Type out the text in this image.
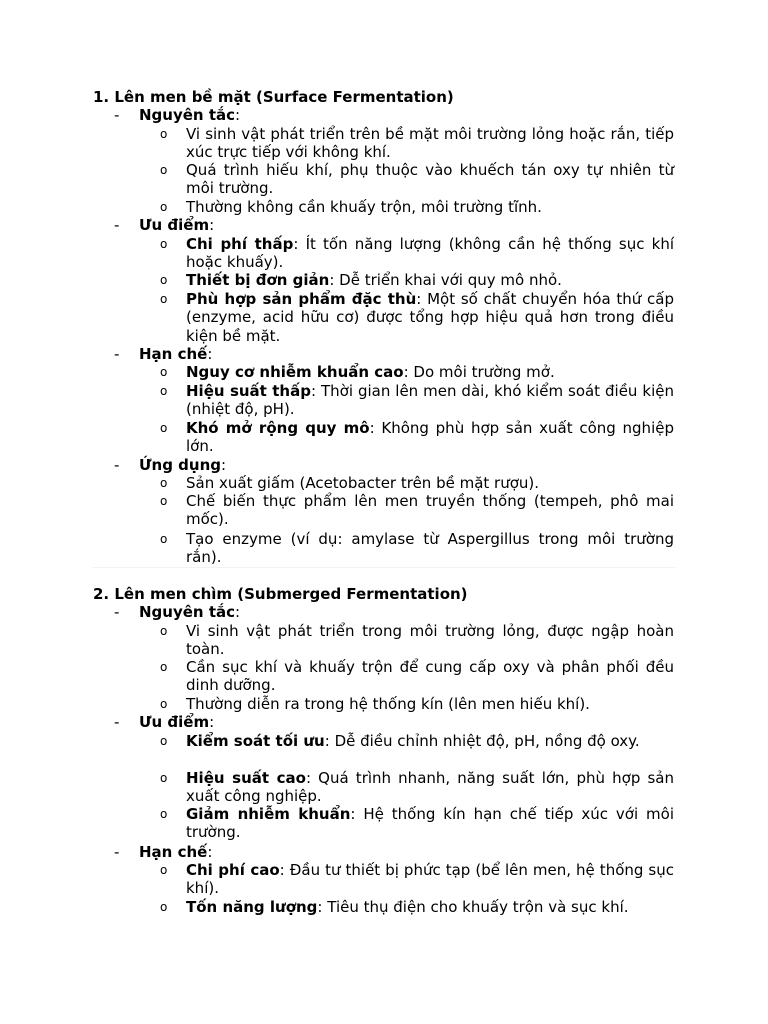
1. Lên men bề mặt (Surface Fermentation)
-	Nguyên tắc:
o Vi sinh vật phát triển trên bề mặt môi trường lỏng hoặc rắn, tiếp xúc trực tiếp với không khí.
o Quá trình hiếu khí, phụ thuộc vào khuếch tán oxy tự nhiên từ môi trường.
o Thường không cần khuấy trộn, môi trường tĩnh.
-	Ưu điểm:
o Chi phí thấp: Ít tốn năng lượng (không cần hệ thống sục khí hoặc khuấy).
o Thiết bị đơn giản: Dễ triển khai với quy mô nhỏ.
o Phù hợp sản phẩm đặc thù: Một số chất chuyển hóa thứ cấp (enzyme, acid hữu cơ) được tổng hợp hiệu quả hơn trong điều kiện bề mặt.
-	Hạn chế:
o Nguy cơ nhiễm khuẩn cao: Do môi trường mở.
o Hiệu suất thấp: Thời gian lên men dài, khó kiểm soát điều kiện (nhiệt độ, pH).
o Khó mở rộng quy mô: Không phù hợp sản xuất công nghiệp lớn.
-	Ứng dụng:
o Sản xuất giấm (Acetobacter trên bề mặt rượu).
o Chế biến thực phẩm lên men truyền thống (tempeh, phô mai mốc).
o Tạo enzyme (ví dụ: amylase từ Aspergillus trong môi trường rắn).
2. Lên men chìm (Submerged Fermentation)
-	Nguyên tắc:
o Vi sinh vật phát triển trong môi trường lỏng, được ngập hoàn toàn.
o Cần sục khí và khuấy trộn để cung cấp oxy và phân phối đều dinh dưỡng.
o Thường diễn ra trong hệ thống kín (lên men hiếu khí).
-	Ưu điểm:
o Kiểm soát tối ưu: Dễ điều chỉnh nhiệt độ, pH, nồng độ oxy.
o Hiệu suất cao: Quá trình nhanh, năng suất lớn, phù hợp sản xuất công nghiệp.
o Giảm nhiễm khuẩn: Hệ thống kín hạn chế tiếp xúc với môi trường.
-	Hạn chế:
o Chi phí cao: Đầu tư thiết bị phức tạp (bể lên men, hệ thống sục khí).
o Tốn năng lượng: Tiêu thụ điện cho khuấy trộn và sục khí.
